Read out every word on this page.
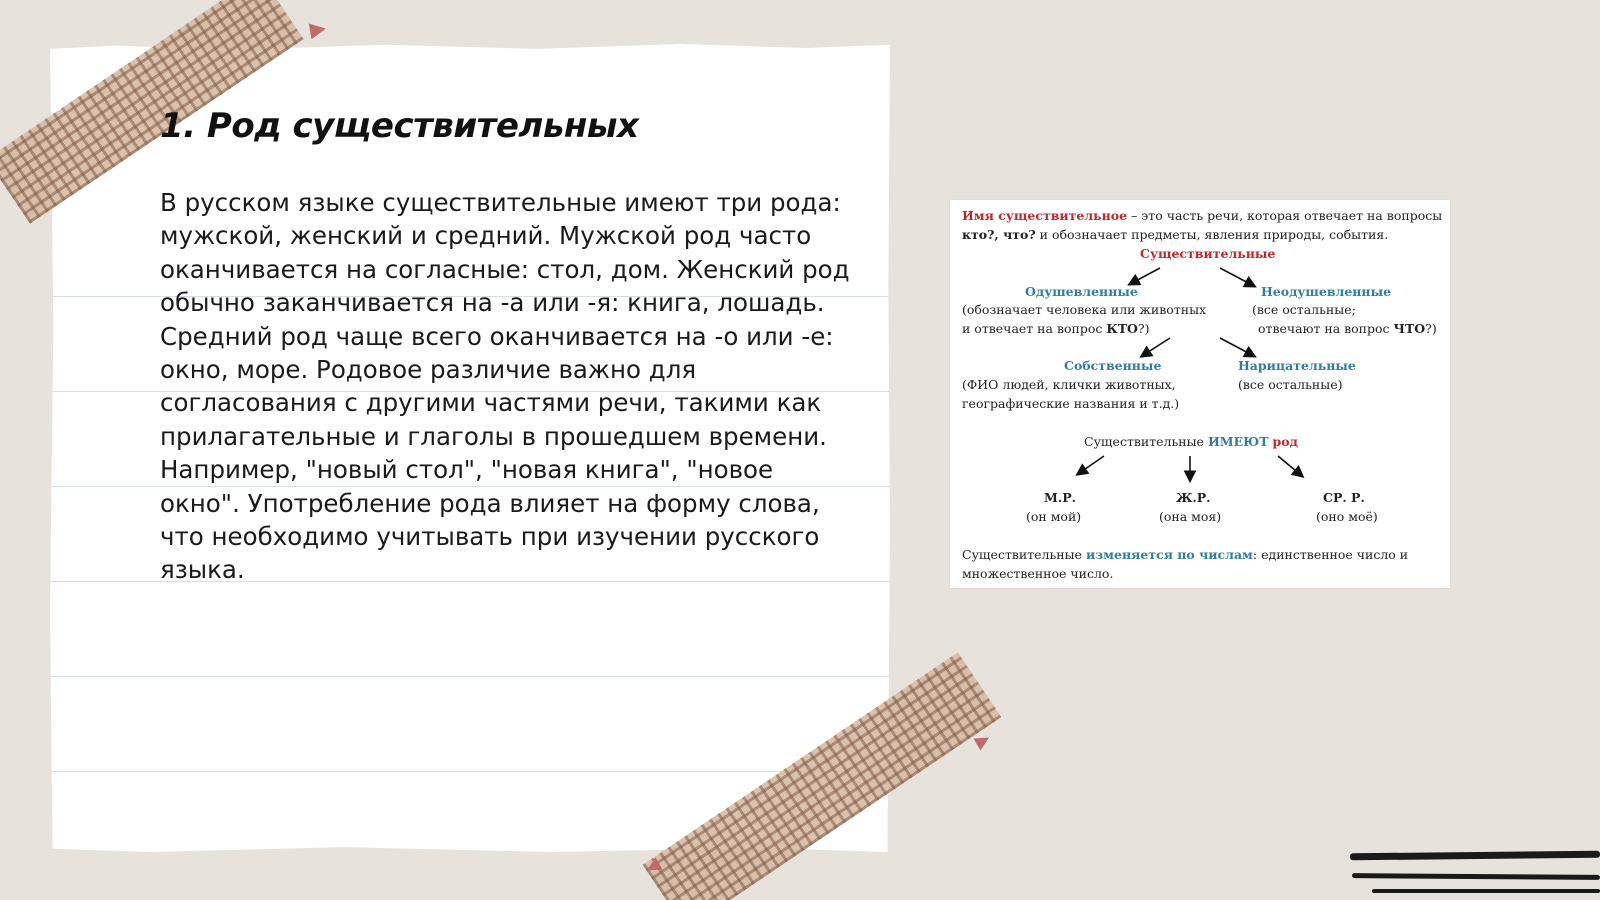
1. Род существительных

В русском языке существительные имеют три рода: мужской, женский и средний. Мужской род часто оканчивается на согласные: стол, дом. Женский род обычно заканчивается на -а или -я: книга, лошадь. Средний род чаще всего оканчивается на -о или -е: окно, море. Родовое различие важно для согласования с другими частями речи, такими как прилагательные и глаголы в прошедшем времени. Например, "новый стол", "новая книга", "новое окно". Употребление рода влияет на форму слова, что необходимо учитывать при изучении русского языка.

Имя существительное – это часть речи, которая отвечает на вопросы
кто?, что? и обозначает предметы, явления природы, события.
Существительные
Одушевленные
(обозначает человека или животных
и отвечает на вопрос КТО?)
Неодушевленные
(все остальные;
отвечают на вопрос ЧТО?)
Собственные
(ФИО людей, клички животных,
географические названия и т.д.)
Нарицательные
(все остальные)
Существительные ИМЕЮТ род
М.Р.
(он мой)
Ж.Р.
(она моя)
СР. Р.
(оно моё)
Существительные изменяется по числам: единственное число и
множественное число.
